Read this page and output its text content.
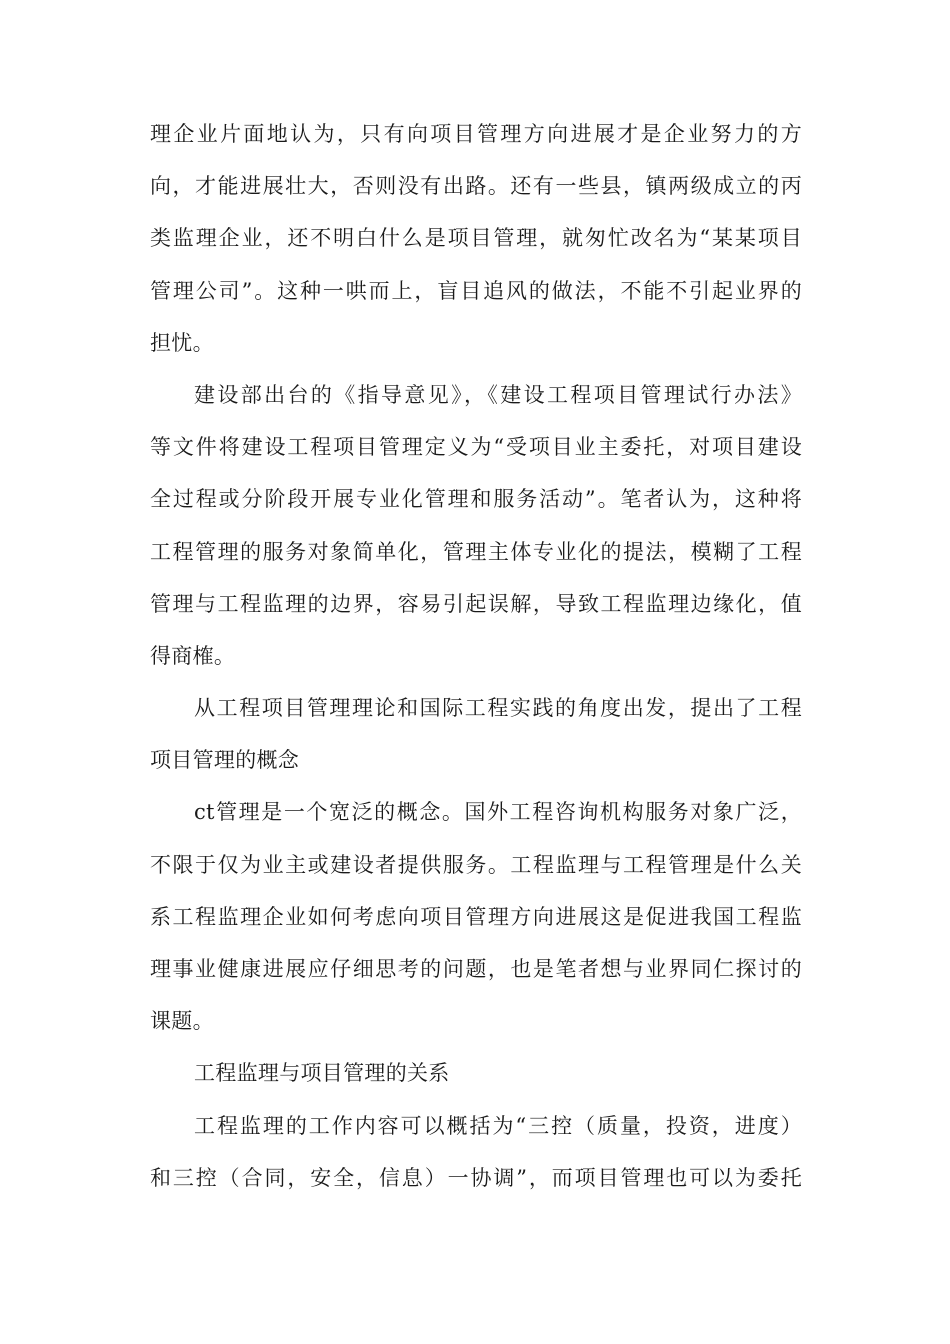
理企业片面地认为，只有向项目管理方向进展才是企业努力的方
向，才能进展壮大，否则没有出路。还有一些县，镇两级成立的丙
类监理企业，还不明白什么是项目管理，就匆忙改名为“某某项目
管理公司”。这种一哄而上，盲目追风的做法，不能不引起业界的
担忧。
建设部出台的《指导意见》，《建设工程项目管理试行办法》
等文件将建设工程项目管理定义为“受项目业主委托，对项目建设
全过程或分阶段开展专业化管理和服务活动”。笔者认为，这种将
工程管理的服务对象简单化，管理主体专业化的提法，模糊了工程
管理与工程监理的边界，容易引起误解，导致工程监理边缘化，值
得商榷。
从工程项目管理理论和国际工程实践的角度出发，提出了工程
项目管理的概念
ct管理是一个宽泛的概念。国外工程咨询机构服务对象广泛，
不限于仅为业主或建设者提供服务。工程监理与工程管理是什么关
系工程监理企业如何考虑向项目管理方向进展这是促进我国工程监
理事业健康进展应仔细思考的问题，也是笔者想与业界同仁探讨的
课题。
工程监理与项目管理的关系
工程监理的工作内容可以概括为“三控（质量，投资，进度）
和三控（合同，安全，信息）一协调”，而项目管理也可以为委托
